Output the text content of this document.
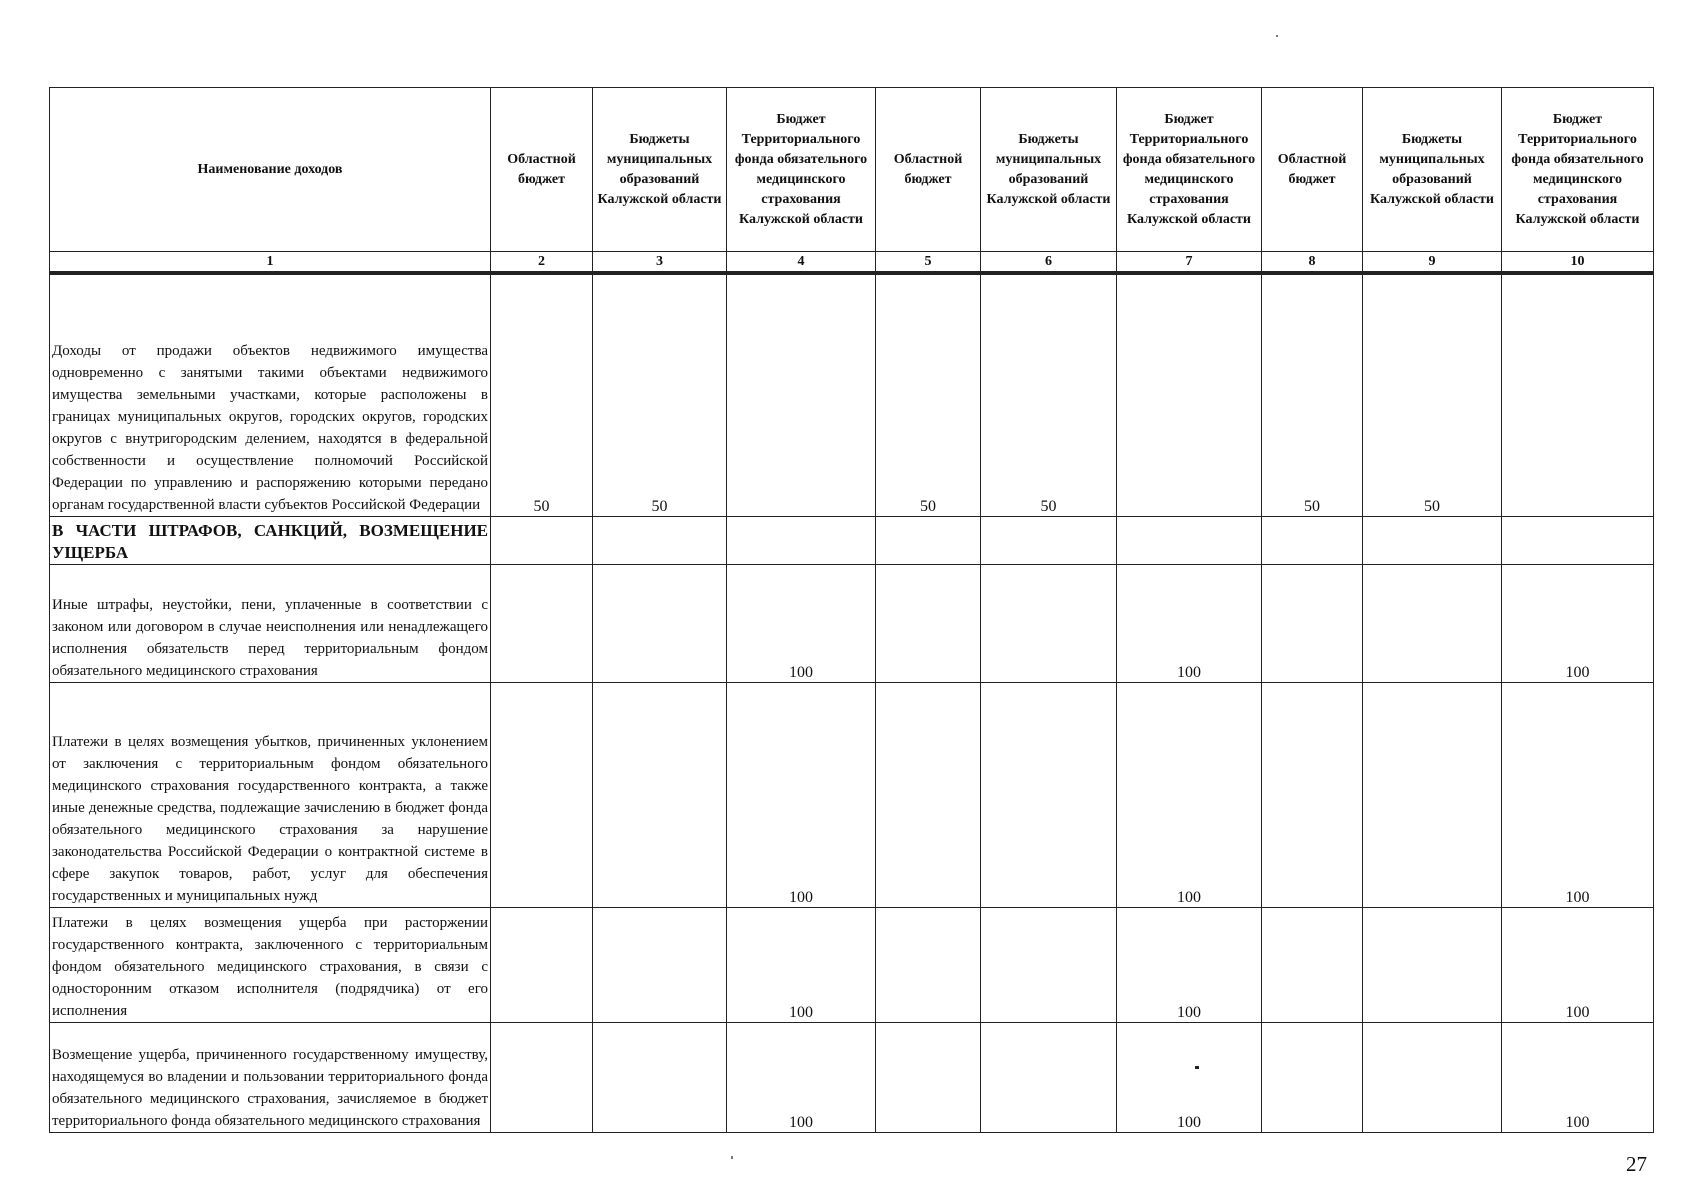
Наименование доходов	Областной бюджет	Бюджеты муниципальных образований Калужской области	Бюджет Территориального фонда обязательного медицинского страхования Калужской области	Областной бюджет	Бюджеты муниципальных образований Калужской области	Бюджет Территориального фонда обязательного медицинского страхования Калужской области	Областной бюджет	Бюджеты муниципальных образований Калужской области	Бюджет Территориального фонда обязательного медицинского страхования Калужской области
1	2	3	4	5	6	7	8	9	10
Доходы от продажи объектов недвижимого имущества одновременно с занятыми такими объектами недвижимого имущества земельными участками, которые расположены в границах муниципальных округов, городских округов, городских округов с внутригородским делением, находятся в федеральной собственности и осуществление полномочий Российской Федерации по управлению и распоряжению которыми передано органам государственной власти субъектов Российской Федерации	50	50		50	50		50	50	
В ЧАСТИ ШТРАФОВ, САНКЦИЙ, ВОЗМЕЩЕНИЕ УЩЕРБА									
Иные штрафы, неустойки, пени, уплаченные в соответствии с законом или договором в случае неисполнения или ненадлежащего исполнения обязательств перед территориальным фондом обязательного медицинского страхования			100			100			100
Платежи в целях возмещения убытков, причиненных уклонением от заключения с территориальным фондом обязательного медицинского страхования государственного контракта, а также иные денежные средства, подлежащие зачислению в бюджет фонда обязательного медицинского страхования за нарушение законодательства Российской Федерации о контрактной системе в сфере закупок товаров, работ, услуг для обеспечения государственных и муниципальных нужд			100			100			100
Платежи в целях возмещения ущерба при расторжении государственного контракта, заключенного с территориальным фондом обязательного медицинского страхования, в связи с односторонним отказом исполнителя (подрядчика) от его исполнения			100			100			100
Возмещение ущерба, причиненного государственному имуществу, находящемуся во владении и пользовании территориального фонда обязательного медицинского страхования, зачисляемое в бюджет территориального фонда обязательного медицинского страхования			100			100			100
27
